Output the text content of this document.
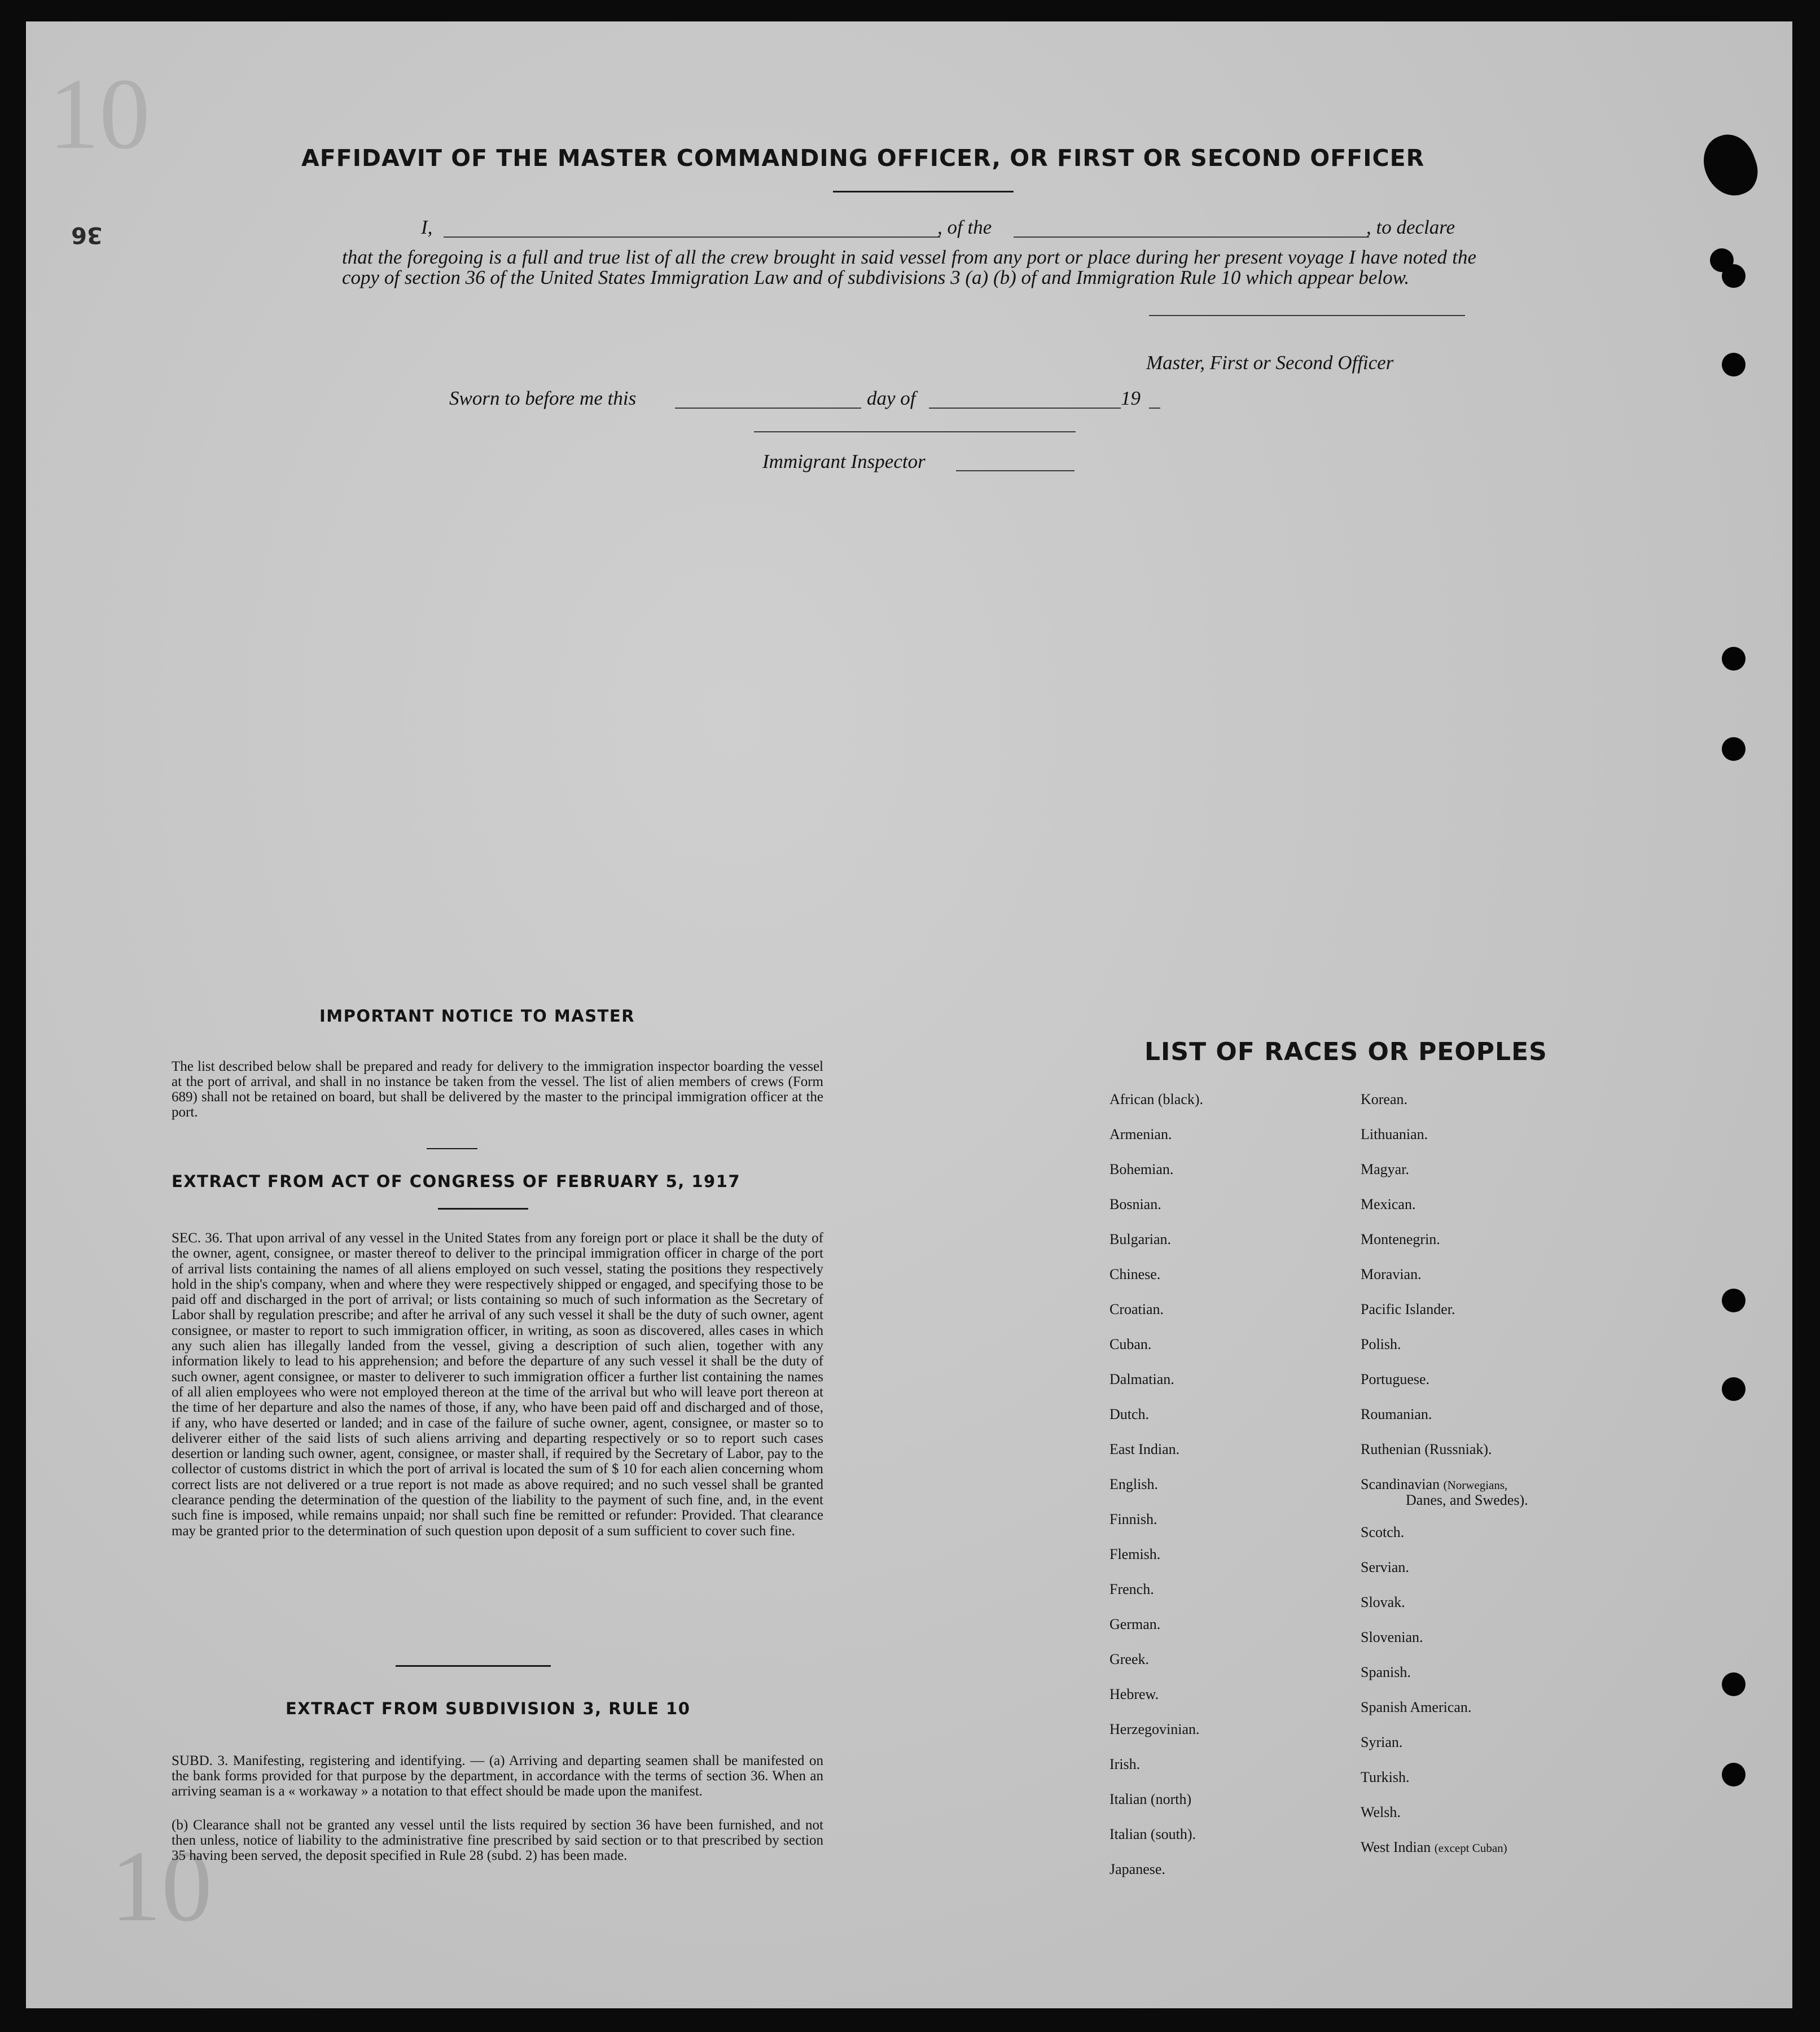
10
10
36
AFFIDAVIT OF THE MASTER COMMANDING OFFICER, OR FIRST OR SECOND OFFICER
I,	, of the	, to declare
that the foregoing is a full and true list of all the crew brought in said vessel from any port or place during her present voyage I have noted the copy of section 36 of the United States Immigration Law and of subdivisions 3 (a) (b) of and Immigration Rule 10 which appear below.
Master, First or Second Officer
Sworn to before me this	day of	19
Immigrant Inspector
IMPORTANT NOTICE TO MASTER
The list described below shall be prepared and ready for delivery to the immigration inspector boarding the vessel at the port of arrival, and shall in no instance be taken from the vessel. The list of alien members of crews (Form 689) shall not be retained on board, but shall be delivered by the master to the principal immigration officer at the port.
EXTRACT FROM ACT OF CONGRESS OF FEBRUARY 5, 1917
SEC. 36. That upon arrival of any vessel in the United States from any foreign port or place it shall be the duty of the owner, agent, consignee, or master thereof to deliver to the principal immigration officer in charge of the port of arrival lists containing the names of all aliens employed on such vessel, stating the positions they respectively hold in the ship's company, when and where they were respectively shipped or engaged, and specifying those to be paid off and discharged in the port of arrival; or lists containing so much of such information as the Secretary of Labor shall by regulation prescribe; and after he arrival of any such vessel it shall be the duty of such owner, agent consignee, or master to report to such immigration officer, in writing, as soon as discovered, alles cases in which any such alien has illegally landed from the vessel, giving a description of such alien, together with any information likely to lead to his apprehension; and before the departure of any such vessel it shall be the duty of such owner, agent consignee, or master to deliverer to such immigration officer a further list containing the names of all alien employees who were not employed thereon at the time of the arrival but who will leave port thereon at the time of her departure and also the names of those, if any, who have been paid off and discharged and of those, if any, who have deserted or landed; and in case of the failure of suche owner, agent, consignee, or master so to deliverer either of the said lists of such aliens arriving and departing respectively or so to report such cases desertion or landing such owner, agent, consignee, or master shall, if required by the Secretary of Labor, pay to the collector of customs district in which the port of arrival is located the sum of $ 10 for each alien concerning whom correct lists are not delivered or a true report is not made as above required; and no such vessel shall be granted clearance pending the determination of the question of the liability to the payment of such fine, and, in the event such fine is imposed, while remains unpaid; nor shall such fine be remitted or refunder: Provided. That clearance may be granted prior to the determination of such question upon deposit of a sum sufficient to cover such fine.
EXTRACT FROM SUBDIVISION 3, RULE 10
SUBD. 3. Manifesting, registering and identifying. — (a) Arriving and departing seamen shall be manifested on the bank forms provided for that purpose by the department, in accordance with the terms of section 36. When an arriving seaman is a « workaway » a notation to that effect should be made upon the manifest.
(b) Clearance shall not be granted any vessel until the lists required by section 36 have been furnished, and not then unless, notice of liability to the administrative fine prescribed by said section or to that prescribed by section 35 having been served, the deposit specified in Rule 28 (subd. 2) has been made.
LIST OF RACES OR PEOPLES
African (black).
Armenian.
Bohemian.
Bosnian.
Bulgarian.
Chinese.
Croatian.
Cuban.
Dalmatian.
Dutch.
East Indian.
English.
Finnish.
Flemish.
French.
German.
Greek.
Hebrew.
Herzegovinian.
Irish.
Italian (north)
Italian (south).
Japanese.
Korean.
Lithuanian.
Magyar.
Mexican.
Montenegrin.
Moravian.
Pacific Islander.
Polish.
Portuguese.
Roumanian.
Ruthenian (Russniak).
Scandinavian (Norwegians,
Danes, and Swedes).
Scotch.
Servian.
Slovak.
Slovenian.
Spanish.
Spanish American.
Syrian.
Turkish.
Welsh.
West Indian (except Cuban)
